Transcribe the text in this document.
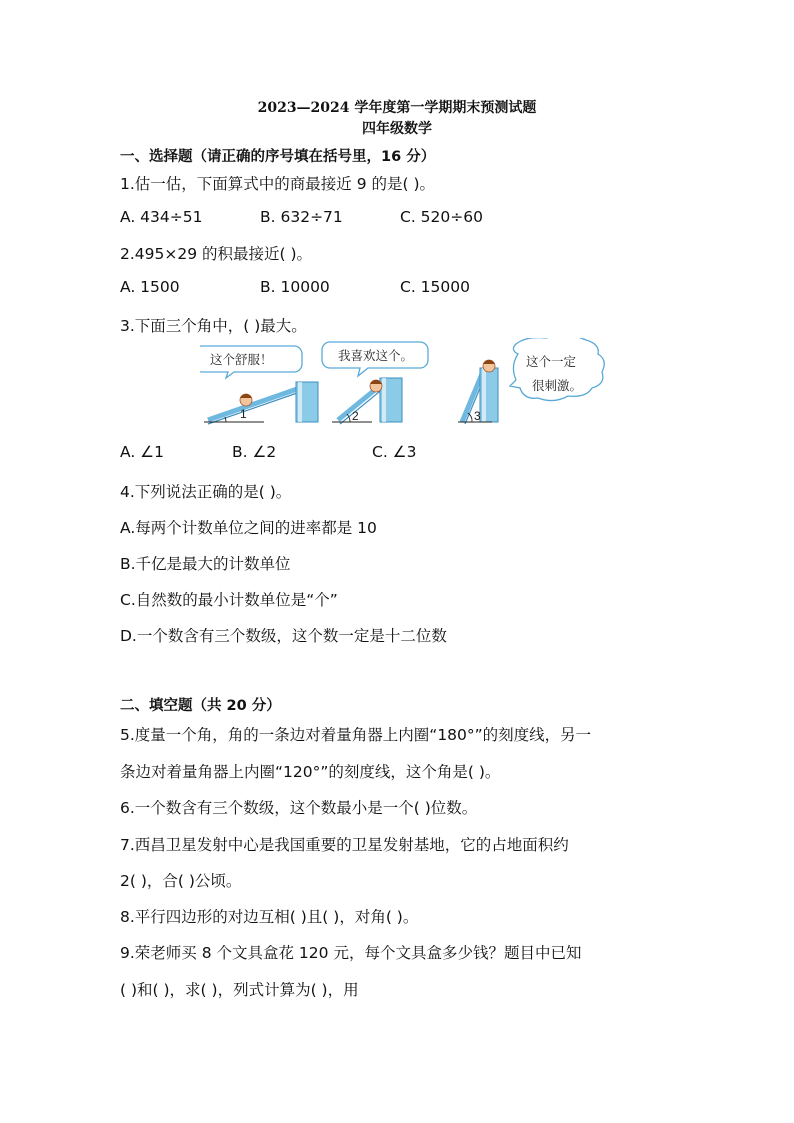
2023—2024 学年度第一学期期末预测试题
四年级数学
一、选择题（请正确的序号填在括号里，16 分）
1.估一估，下面算式中的商最接近 9 的是( )。
A. 434÷51	B. 632÷71	C. 520÷60
2.495×29 的积最接近( )。
A. 1500	B. 10000	C. 15000
3.下面三个角中，( )最大。
这个舒服！
1
我喜欢这个。
2	3
这个一定
很刺激。
A. ∠1	B. ∠2	C. ∠3
4.下列说法正确的是( )。
A.每两个计数单位之间的进率都是 10
B.千亿是最大的计数单位
C.自然数的最小计数单位是“个”
D.一个数含有三个数级，这个数一定是十二位数
二、填空题（共 20 分）
5.度量一个角，角的一条边对着量角器上内圈“180°”的刻度线，另一
条边对着量角器上内圈“120°”的刻度线，这个角是( )。
6.一个数含有三个数级，这个数最小是一个( )位数。
7.西昌卫星发射中心是我国重要的卫星发射基地，它的占地面积约
2( )，合( )公顷。
8.平行四边形的对边互相( )且( )，对角( )。
9.荣老师买 8 个文具盒花 120 元，每个文具盒多少钱？题目中已知
( )和( )，求( )，列式计算为( )，用
